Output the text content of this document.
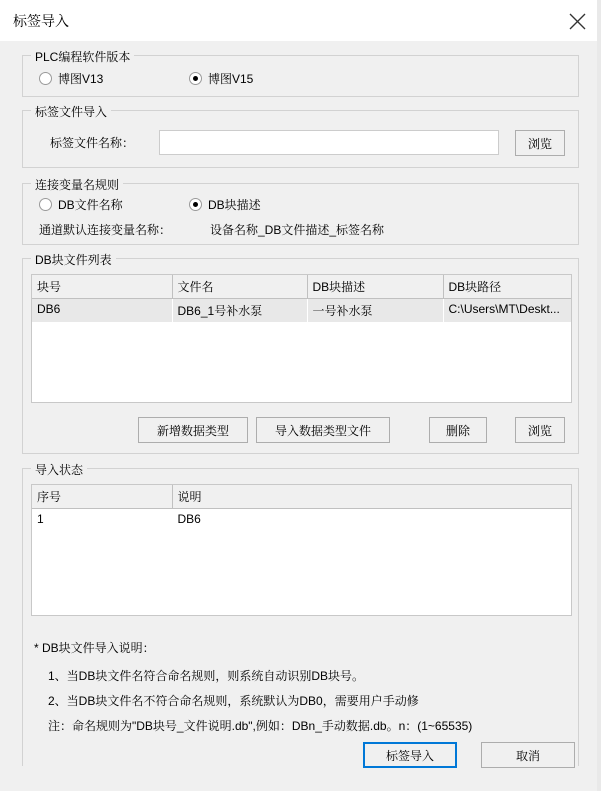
标签导入
PLC编程软件版本
博图V13	博图V15
标签文件导入
标签文件名称：	浏览
连接变量名规则
DB文件名称	DB块描述
通道默认连接变量名称：	设备名称_DB文件描述_标签名称
DB块文件列表
块号	文件名	DB块描述	DB块路径
DB6	DB6_1号补水泵	一号补水泵	C:\Users\MT\Deskt...
新增数据类型	导入数据类型文件	删除	浏览
导入状态
序号	说明
1	DB6
* DB块文件导入说明：
1、当DB块文件名符合命名规则，则系统自动识别DB块号。
2、当DB块文件名不符合命名规则，系统默认为DB0，需要用户手动修
注：命名规则为"DB块号_文件说明.db",例如：DBn_手动数据.db。n：(1~65535)
标签导入	取消
